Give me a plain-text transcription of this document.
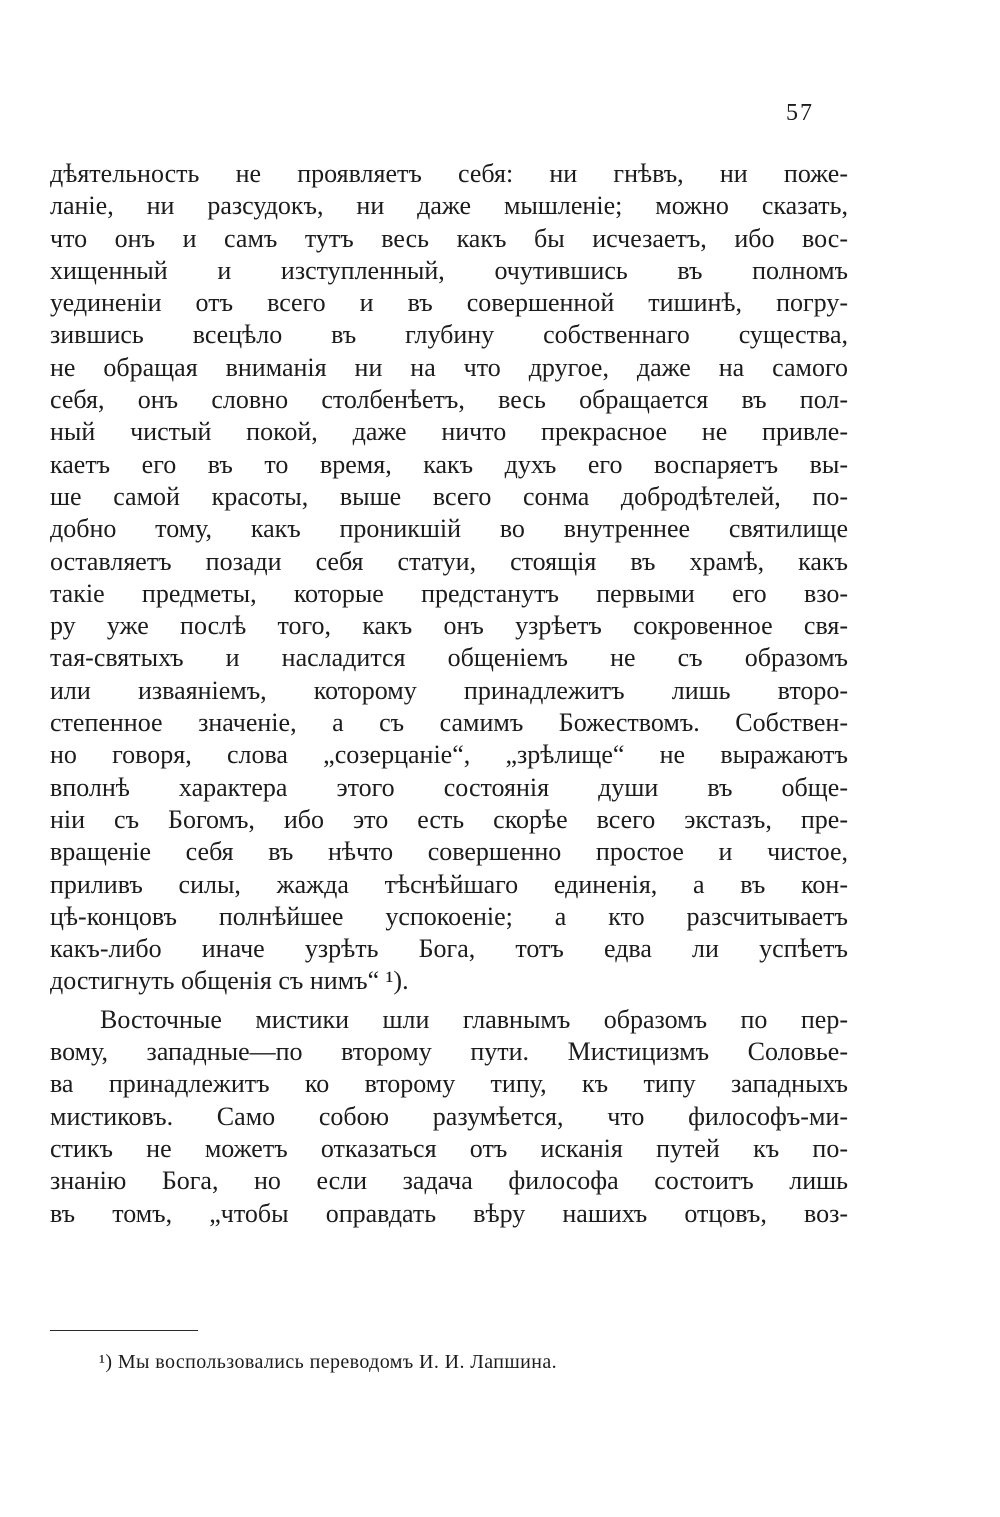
57
дѣятельность не проявляетъ себя: ни гнѣвъ, ни поже-
ланіе, ни разсудокъ, ни даже мышленіе; можно сказать,
что онъ и самъ тутъ весь какъ бы исчезаетъ, ибо вос-
хищенный и изступленный, очутившись въ полномъ
уединеніи отъ всего и въ совершенной тишинѣ, погру-
зившись всецѣло въ глубину собственнаго существа,
не обращая вниманія ни на что другое, даже на самого
себя, онъ словно столбенѣетъ, весь обращается въ пол-
ный чистый покой, даже ничто прекрасное не привле-
каетъ его въ то время, какъ духъ его воспаряетъ вы-
ше самой красоты, выше всего сонма добродѣтелей, по-
добно тому, какъ проникшій во внутреннее святилище
оставляетъ позади себя статуи, стоящія въ храмѣ, какъ
такіе предметы, которые предстанутъ первыми его взо-
ру уже послѣ того, какъ онъ узрѣетъ сокровенное свя-
тая-святыхъ и насладится общеніемъ не съ образомъ
или изваяніемъ, которому принадлежитъ лишь второ-
степенное значеніе, а съ самимъ Божествомъ. Собствен-
но говоря, слова „созерцаніе“, „зрѣлище“ не выражаютъ
вполнѣ характера этого состоянія души въ обще-
ніи съ Богомъ, ибо это есть скорѣе всего экстазъ, пре-
вращеніе себя въ нѣчто совершенно простое и чистое,
приливъ силы, жажда тѣснѣйшаго единенія, а въ кон-
цѣ-концовъ полнѣйшее успокоеніе; а кто разсчитываетъ
какъ-либо иначе узрѣть Бога, тотъ едва ли успѣетъ
достигнуть общенія съ нимъ“ ¹).
Восточные мистики шли главнымъ образомъ по пер-
вому, западные—по второму пути. Мистицизмъ Соловье-
ва принадлежитъ ко второму типу, къ типу западныхъ
мистиковъ. Само собою разумѣется, что философъ-ми-
стикъ не можетъ отказаться отъ исканія путей къ по-
знанію Бога, но если задача философа состоитъ лишь
въ томъ, „чтобы оправдать вѣру нашихъ отцовъ, воз-
¹) Мы воспользовались переводомъ И. И. Лапшина.
